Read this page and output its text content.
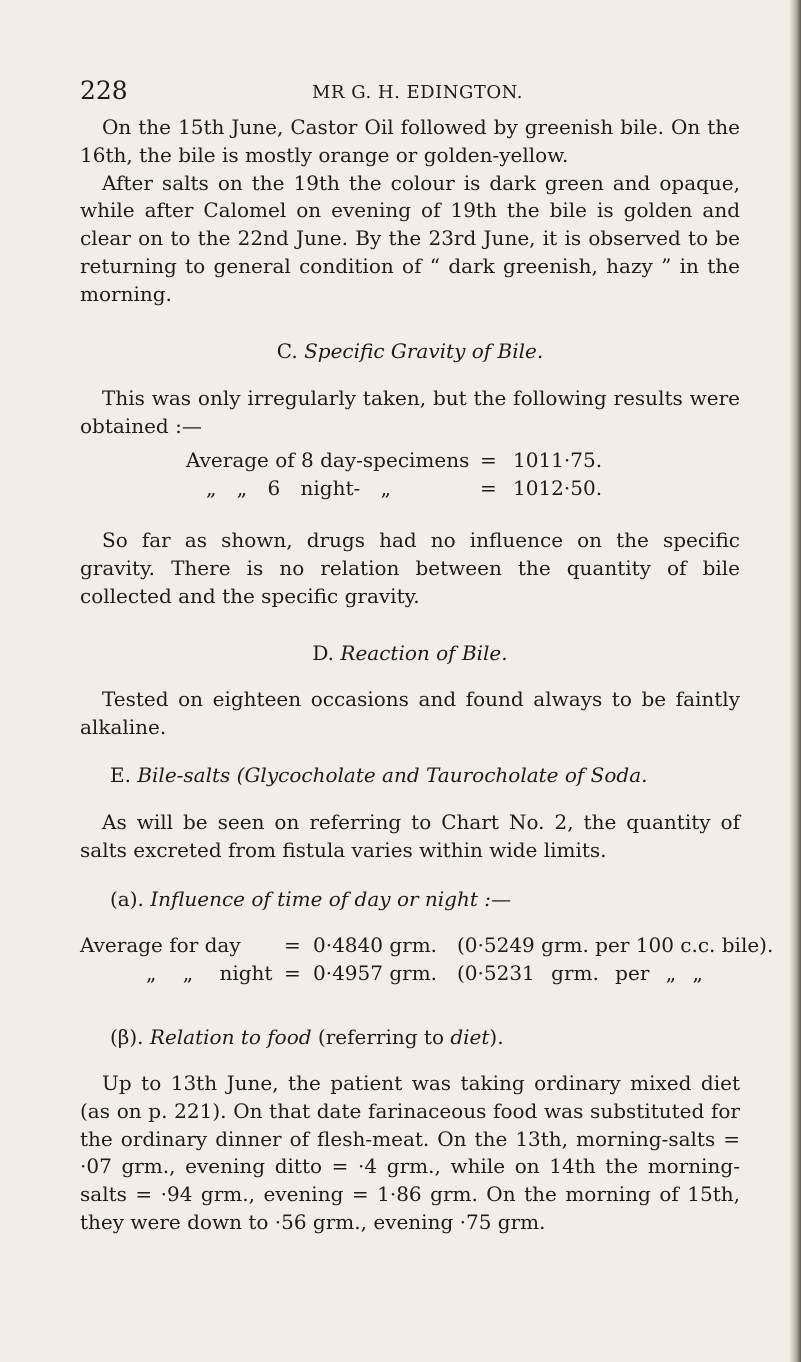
228	MR G. H. EDINGTON.

On the 15th June, Castor Oil followed by greenish bile. On the 16th, the bile is mostly orange or golden-yellow.

After salts on the 19th the colour is dark green and opaque, while after Calomel on evening of 19th the bile is golden and clear on to the 22nd June. By the 23rd June, it is observed to be returning to general condition of “ dark greenish, hazy ” in the morning.

C. Specific Gravity of Bile.

This was only irregularly taken, but the following results were obtained :—

Average of 8 day-specimens = 1011·75.
„ „ 6 night- „	= 1012·50.

So far as shown, drugs had no influence on the specific gravity. There is no relation between the quantity of bile collected and the specific gravity.

D. Reaction of Bile.

Tested on eighteen occasions and found always to be faintly alkaline.

E. Bile-salts (Glycocholate and Taurocholate of Soda.

As will be seen on referring to Chart No. 2, the quantity of salts excreted from fistula varies within wide limits.

(a). Influence of time of day or night :—

Average for day = 0·4840 grm. (0·5249 grm. per 100 c.c. bile).
„ „ night = 0·4957 grm. (0·5231 grm. per „ „

(β). Relation to food (referring to diet).

Up to 13th June, the patient was taking ordinary mixed diet (as on p. 221). On that date farinaceous food was substituted for the ordinary dinner of flesh-meat. On the 13th, morning-salts = ·07 grm., evening ditto = ·4 grm., while on 14th the morning-salts = ·94 grm., evening = 1·86 grm. On the morning of 15th, they were down to ·56 grm., evening ·75 grm.
